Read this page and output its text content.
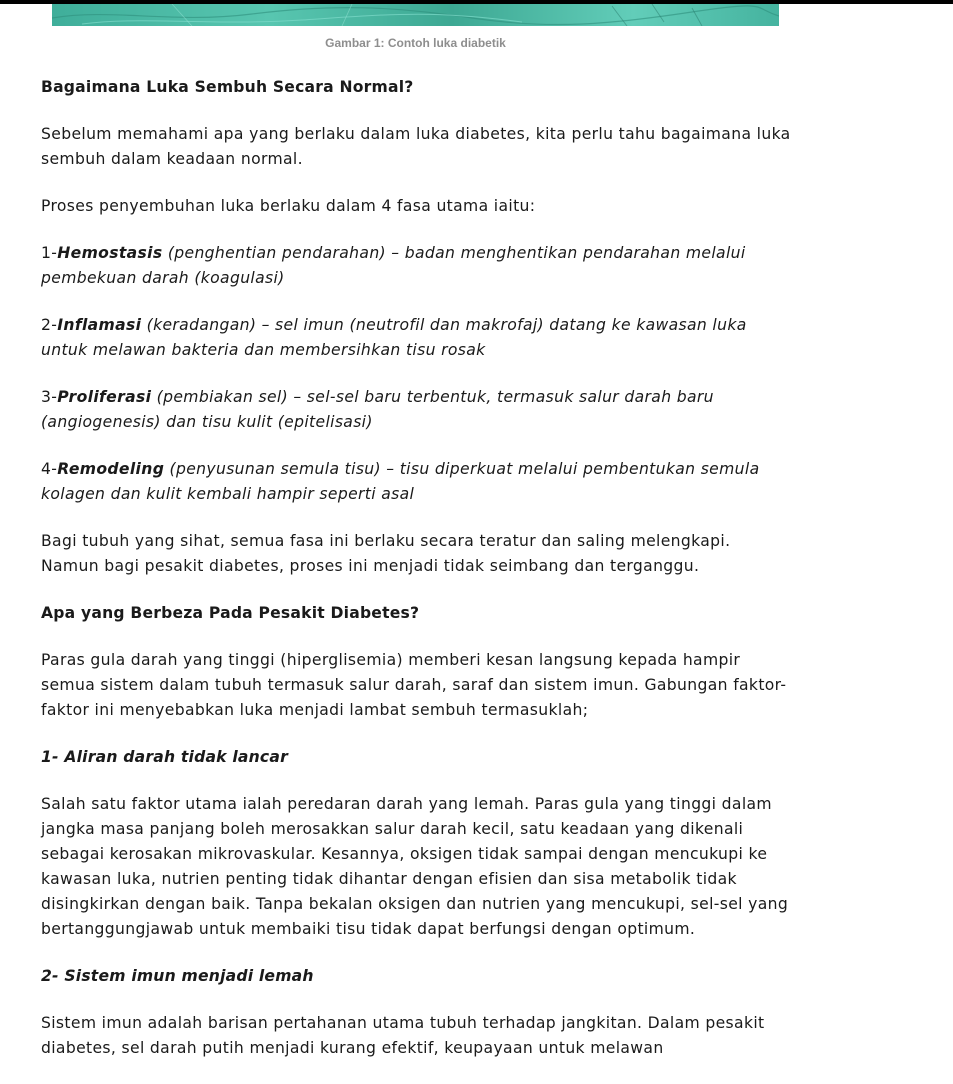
Gambar 1: Contoh luka diabetik
Bagaimana Luka Sembuh Secara Normal?

Sebelum memahami apa yang berlaku dalam luka diabetes, kita perlu tahu bagaimana luka sembuh dalam keadaan normal.

Proses penyembuhan luka berlaku dalam 4 fasa utama iaitu:

1-Hemostasis (penghentian pendarahan) – badan menghentikan pendarahan melalui pembekuan darah (koagulasi)

2-Inflamasi (keradangan) – sel imun (neutrofil dan makrofaj) datang ke kawasan luka untuk melawan bakteria dan membersihkan tisu rosak

3-Proliferasi (pembiakan sel) – sel-sel baru terbentuk, termasuk salur darah baru (angiogenesis) dan tisu kulit (epitelisasi)

4-Remodeling (penyusunan semula tisu) – tisu diperkuat melalui pembentukan semula kolagen dan kulit kembali hampir seperti asal

Bagi tubuh yang sihat, semua fasa ini berlaku secara teratur dan saling melengkapi. Namun bagi pesakit diabetes, proses ini menjadi tidak seimbang dan terganggu.

Apa yang Berbeza Pada Pesakit Diabetes?

Paras gula darah yang tinggi (hiperglisemia) memberi kesan langsung kepada hampir semua sistem dalam tubuh termasuk salur darah, saraf dan sistem imun. Gabungan faktor-faktor ini menyebabkan luka menjadi lambat sembuh termasuklah;

1- Aliran darah tidak lancar

Salah satu faktor utama ialah peredaran darah yang lemah. Paras gula yang tinggi dalam jangka masa panjang boleh merosakkan salur darah kecil, satu keadaan yang dikenali sebagai kerosakan mikrovaskular. Kesannya, oksigen tidak sampai dengan mencukupi ke kawasan luka, nutrien penting tidak dihantar dengan efisien dan sisa metabolik tidak disingkirkan dengan baik. Tanpa bekalan oksigen dan nutrien yang mencukupi, sel-sel yang bertanggungjawab untuk membaiki tisu tidak dapat berfungsi dengan optimum.

2- Sistem imun menjadi lemah

Sistem imun adalah barisan pertahanan utama tubuh terhadap jangkitan. Dalam pesakit diabetes, sel darah putih menjadi kurang efektif, keupayaan untuk melawan
